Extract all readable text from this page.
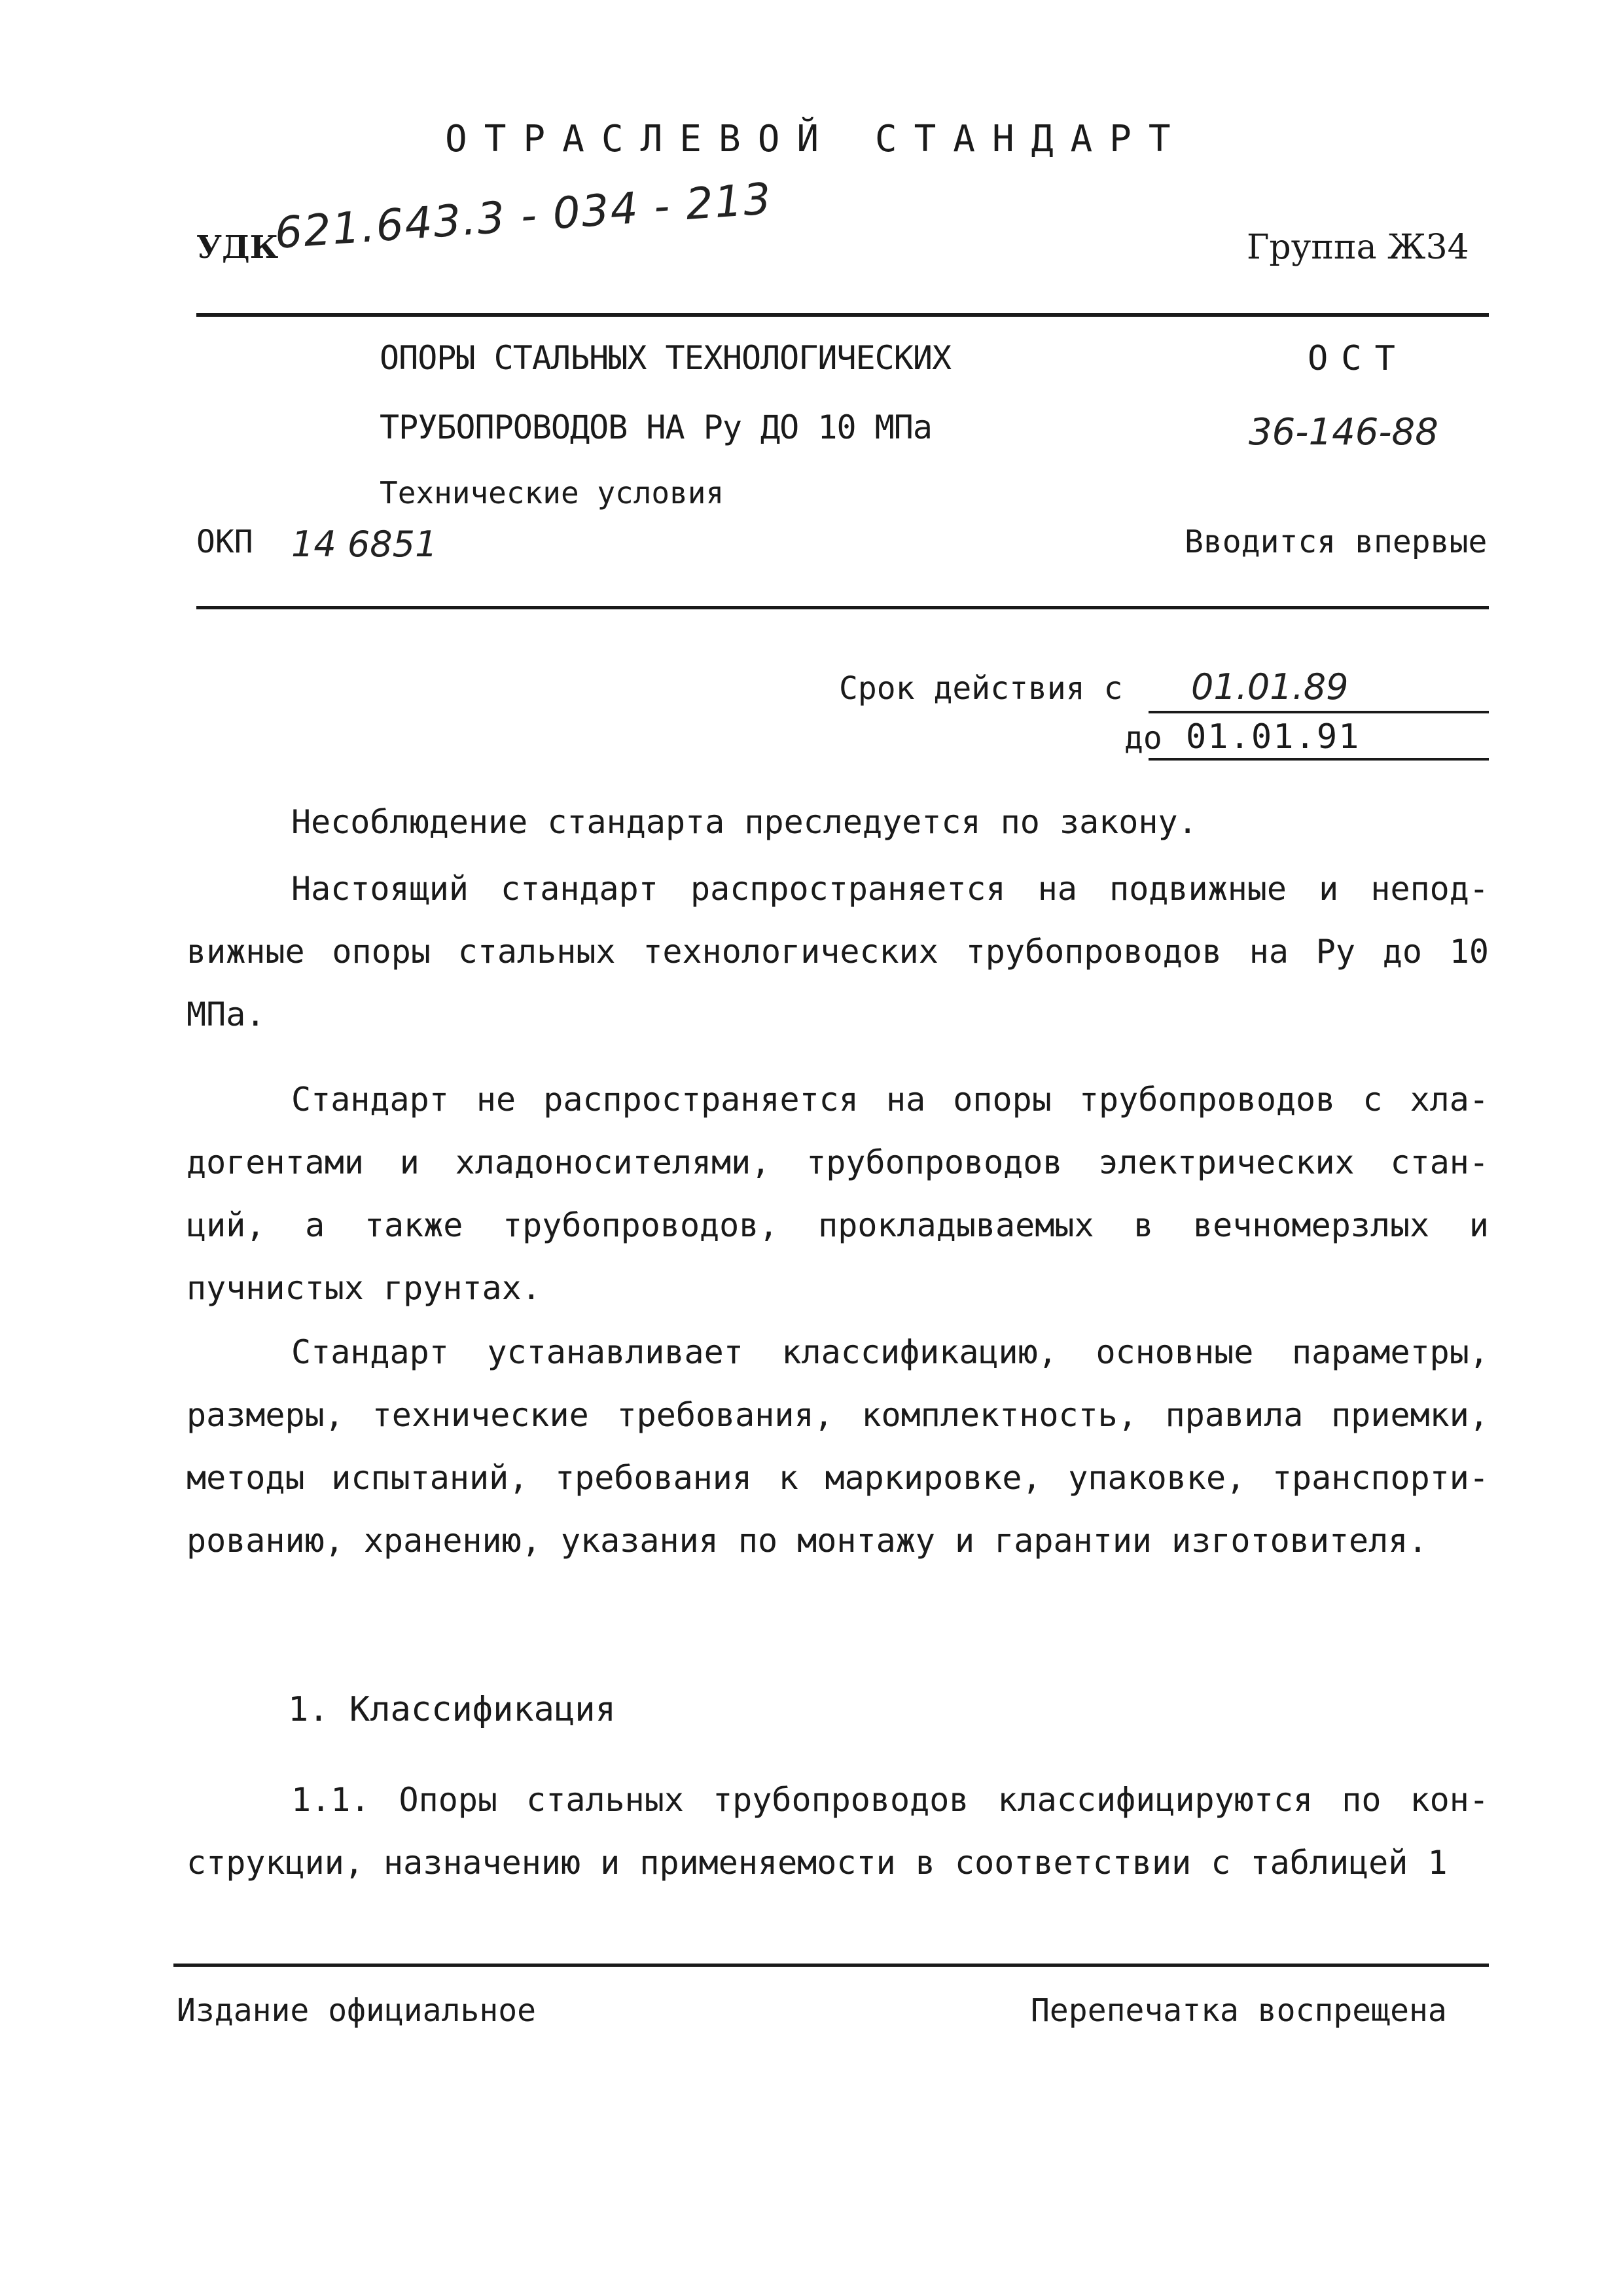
ОТРАСЛЕВОЙ СТАНДАРТ
УДК
621.643.3 - 034 - 213	Группа Ж34
ОПОРЫ СТАЛЬНЫХ ТЕХНОЛОГИЧЕСКИХ
ТРУБОПРОВОДОВ НА Ру ДО 10 МПа
Технические условия
ОСТ
36-146-88
ОКП 14 6851	Вводится впервые
Срок действия с 01.01.89
до 01.01.91
Несоблюдение стандарта преследуется по закону.
Настоящий стандарт распространяется на подвижные и непод- вижные опоры стальных технологических трубопроводов на Ру до 10 МПа.
Стандарт не распространяется на опоры трубопроводов с хла- догентами и хладоносителями, трубопроводов электрических стан- ций, а также трубопроводов, прокладываемых в вечномерзлых и пучнистых грунтах.
Стандарт устанавливает классификацию, основные параметры, размеры, технические требования, комплектность, правила приемки, методы испытаний, требования к маркировке, упаковке, транспорти- рованию, хранению, указания по монтажу и гарантии изготовителя.
1. Классификация
1.1. Опоры стальных трубопроводов классифицируются по кон- струкции, назначению и применяемости в соответствии с таблицей 1
Издание официальное	Перепечатка воспрещена
